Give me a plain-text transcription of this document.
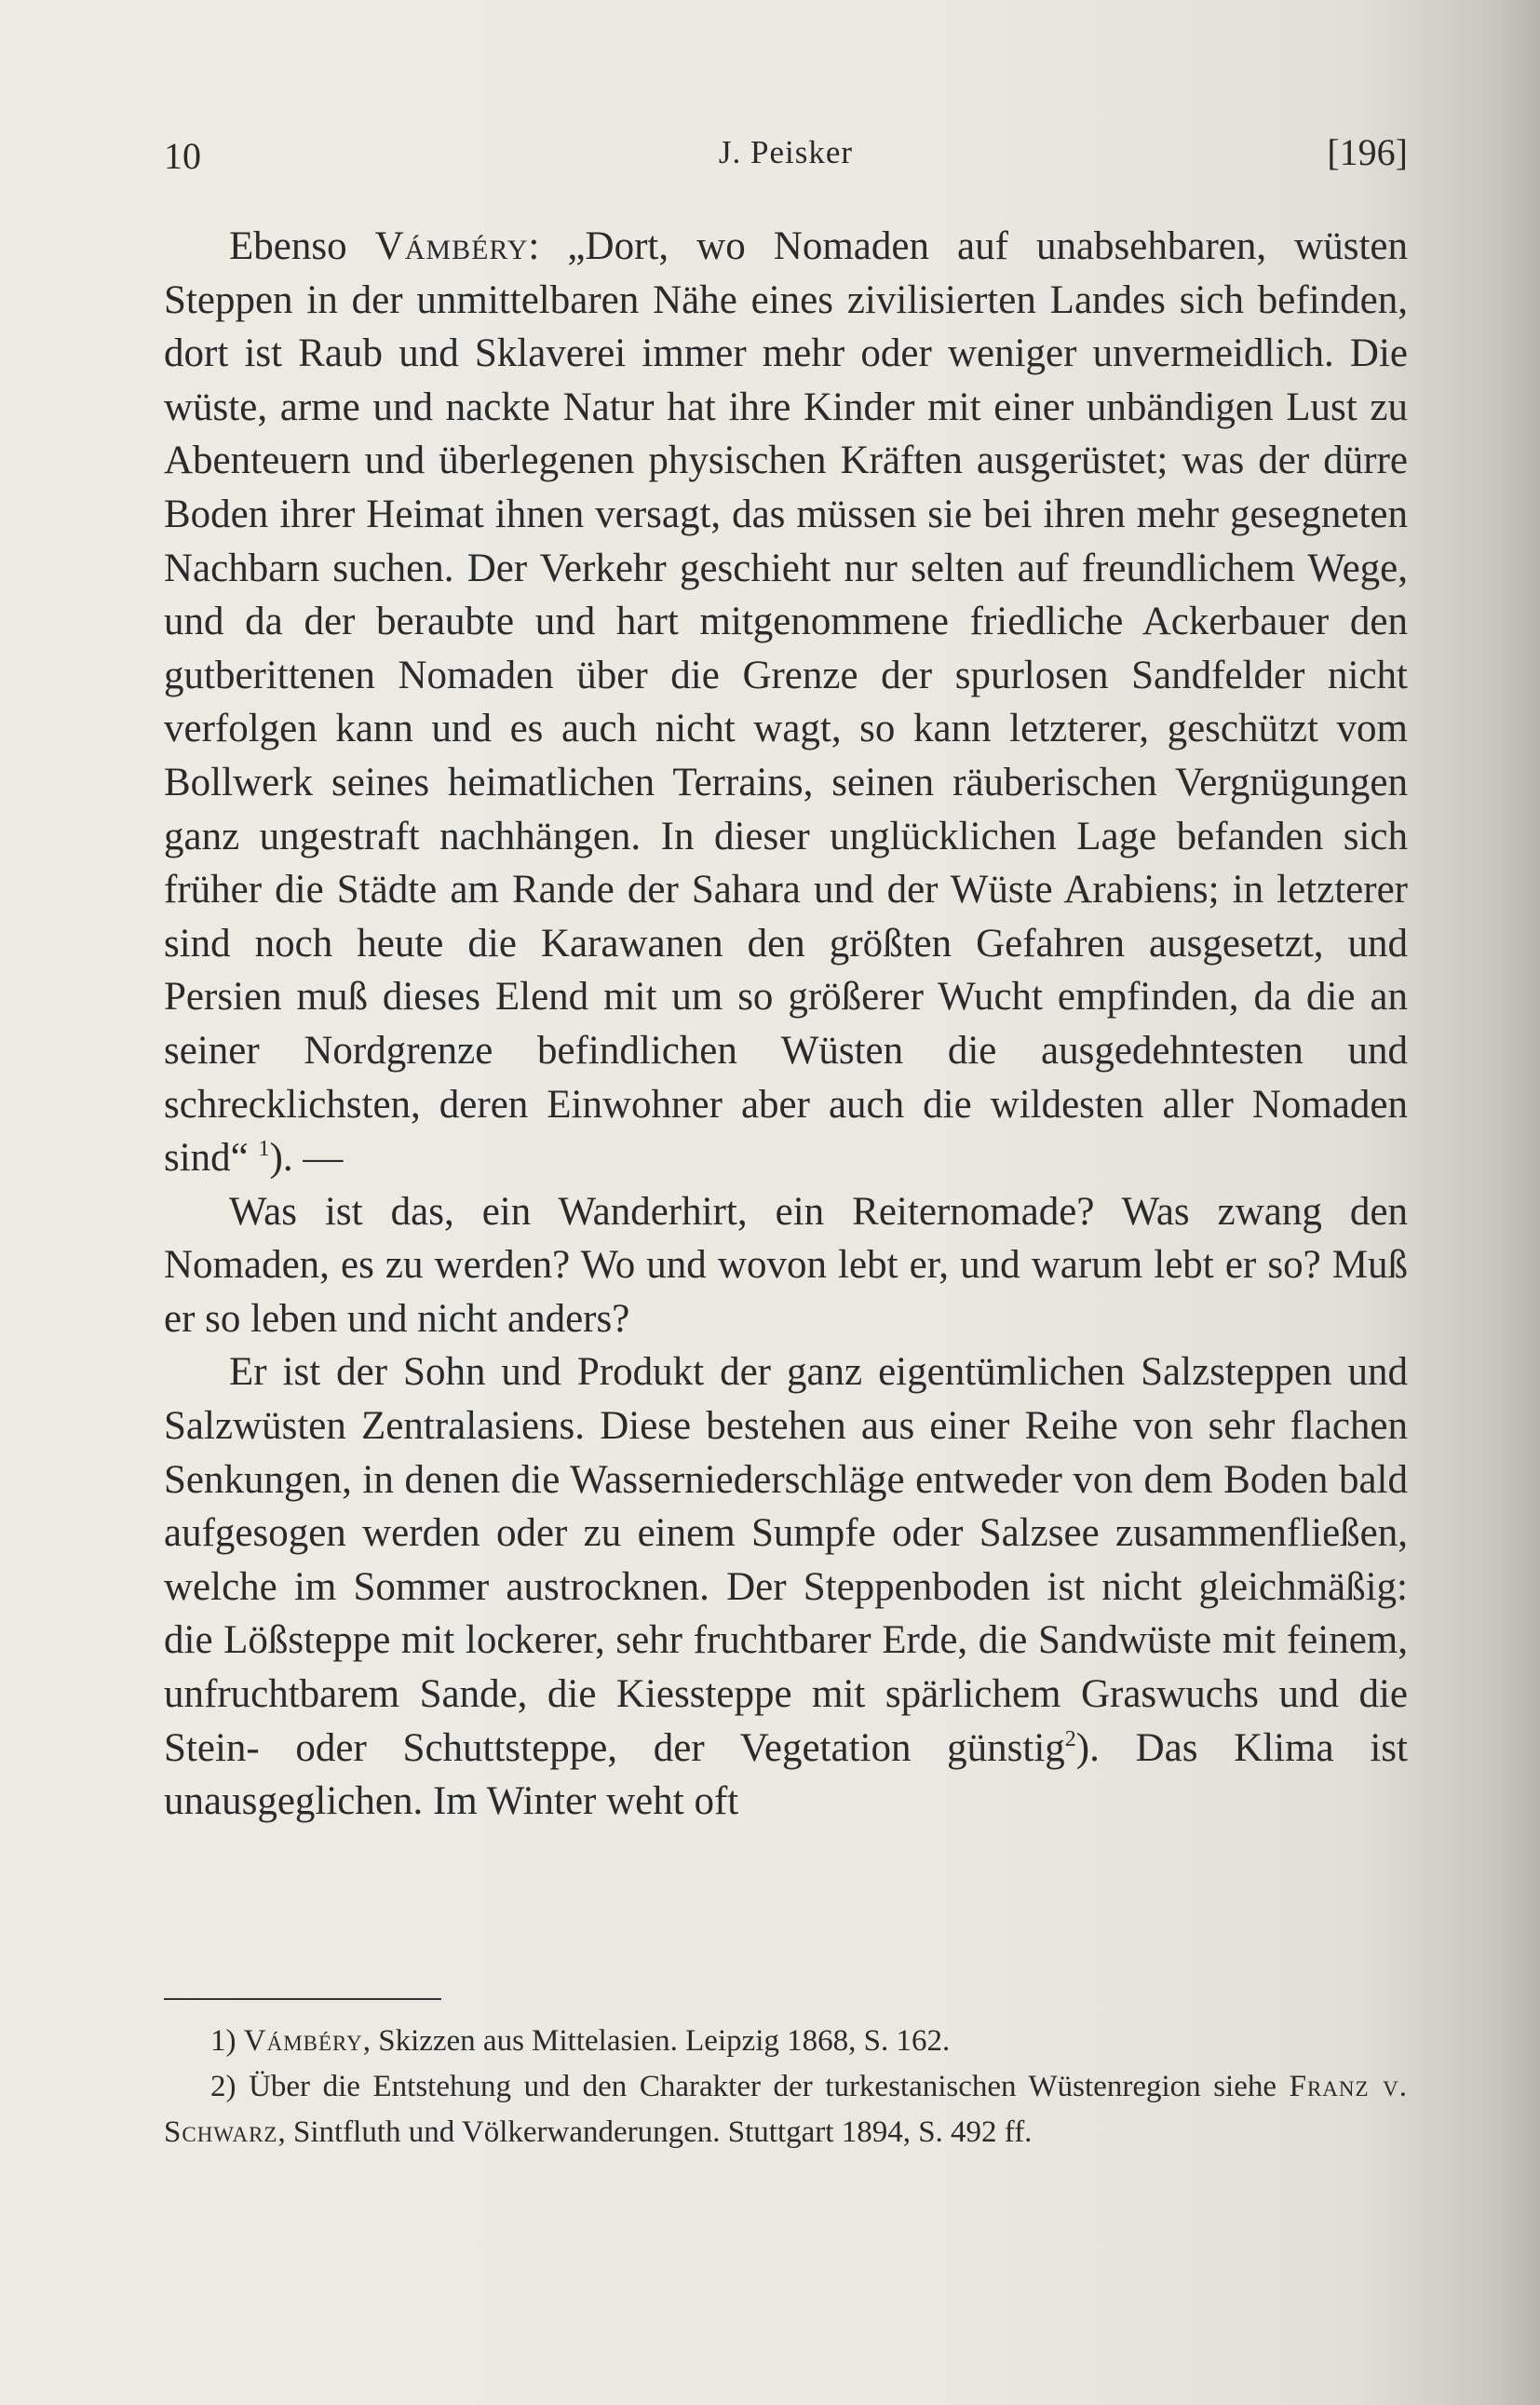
10	J. Peisker	[196]

Ebenso Vámbéry: „Dort, wo Nomaden auf unabsehbaren, wüsten Steppen in der unmittelbaren Nähe eines zivilisierten Landes sich befinden, dort ist Raub und Sklaverei immer mehr oder weniger unvermeidlich. Die wüste, arme und nackte Natur hat ihre Kinder mit einer unbändigen Lust zu Abenteuern und überlegenen physischen Kräften ausgerüstet; was der dürre Boden ihrer Heimat ihnen versagt, das müssen sie bei ihren mehr gesegneten Nachbarn suchen. Der Verkehr geschieht nur selten auf freundlichem Wege, und da der beraubte und hart mitgenommene friedliche Ackerbauer den gutberittenen Nomaden über die Grenze der spurlosen Sandfelder nicht verfolgen kann und es auch nicht wagt, so kann letzterer, geschützt vom Bollwerk seines heimatlichen Terrains, seinen räuberischen Vergnügungen ganz ungestraft nachhängen. In dieser unglücklichen Lage befanden sich früher die Städte am Rande der Sahara und der Wüste Arabiens; in letzterer sind noch heute die Karawanen den größten Gefahren ausgesetzt, und Persien muß dieses Elend mit um so größerer Wucht empfinden, da die an seiner Nordgrenze befindlichen Wüsten die ausgedehntesten und schrecklichsten, deren Einwohner aber auch die wildesten aller Nomaden sind“ $^1$). —

Was ist das, ein Wanderhirt, ein Reiternomade? Was zwang den Nomaden, es zu werden? Wo und wovon lebt er, und warum lebt er so? Muß er so leben und nicht anders?

Er ist der Sohn und Produkt der ganz eigentümlichen Salzsteppen und Salzwüsten Zentralasiens. Diese bestehen aus einer Reihe von sehr flachen Senkungen, in denen die Wasserniederschläge entweder von dem Boden bald aufgesogen werden oder zu einem Sumpfe oder Salzsee zusammenfließen, welche im Sommer austrocknen. Der Steppenboden ist nicht gleichmäßig: die Lößsteppe mit lockerer, sehr fruchtbarer Erde, die Sandwüste mit feinem, unfruchtbarem Sande, die Kiessteppe mit spärlichem Graswuchs und die Stein- oder Schuttsteppe, der Vegetation günstig$^2$). Das Klima ist unausgeglichen. Im Winter weht oft

1) Vámbéry, Skizzen aus Mittelasien. Leipzig 1868, S. 162.

2) Über die Entstehung und den Charakter der turkestanischen Wüstenregion siehe Franz v. Schwarz, Sintfluth und Völkerwanderungen. Stuttgart 1894, S. 492 ff.
